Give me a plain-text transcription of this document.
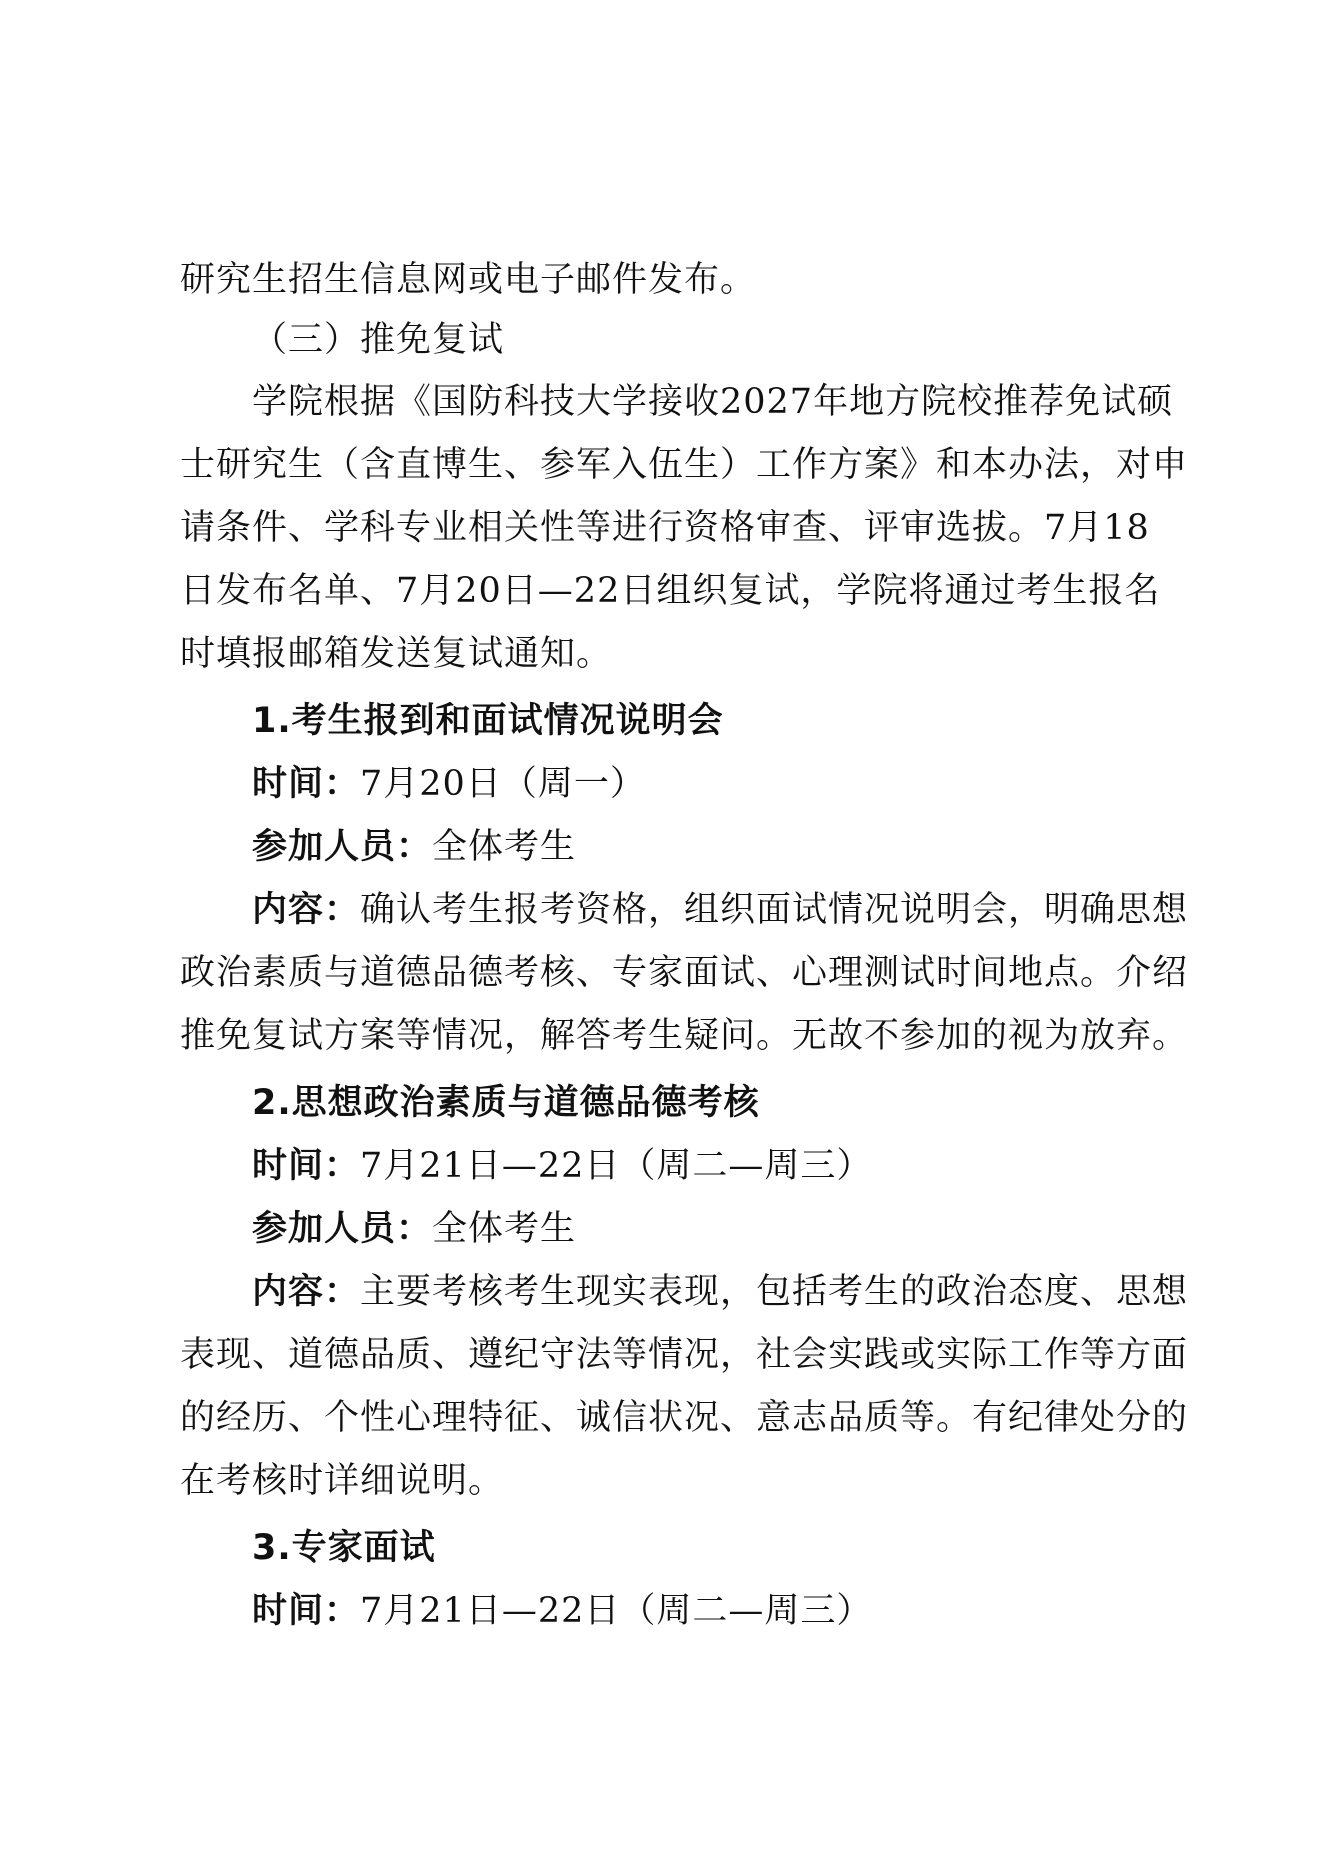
研究生招生信息网或电子邮件发布。
（三）推免复试
学院根据《国防科技大学接收2027年地方院校推荐免试硕
士研究生（含直博生、参军入伍生）工作方案》和本办法，对申
请条件、学科专业相关性等进行资格审查、评审选拔。7月18
日发布名单、7月20日—22日组织复试，学院将通过考生报名
时填报邮箱发送复试通知。
1.考生报到和面试情况说明会
时间：7月20日（周一）
参加人员：全体考生
内容：确认考生报考资格，组织面试情况说明会，明确思想
政治素质与道德品德考核、专家面试、心理测试时间地点。介绍
推免复试方案等情况，解答考生疑问。无故不参加的视为放弃。
2.思想政治素质与道德品德考核
时间：7月21日—22日（周二—周三）
参加人员：全体考生
内容：主要考核考生现实表现，包括考生的政治态度、思想
表现、道德品质、遵纪守法等情况，社会实践或实际工作等方面
的经历、个性心理特征、诚信状况、意志品质等。有纪律处分的
在考核时详细说明。
3.专家面试
时间：7月21日—22日（周二—周三）
